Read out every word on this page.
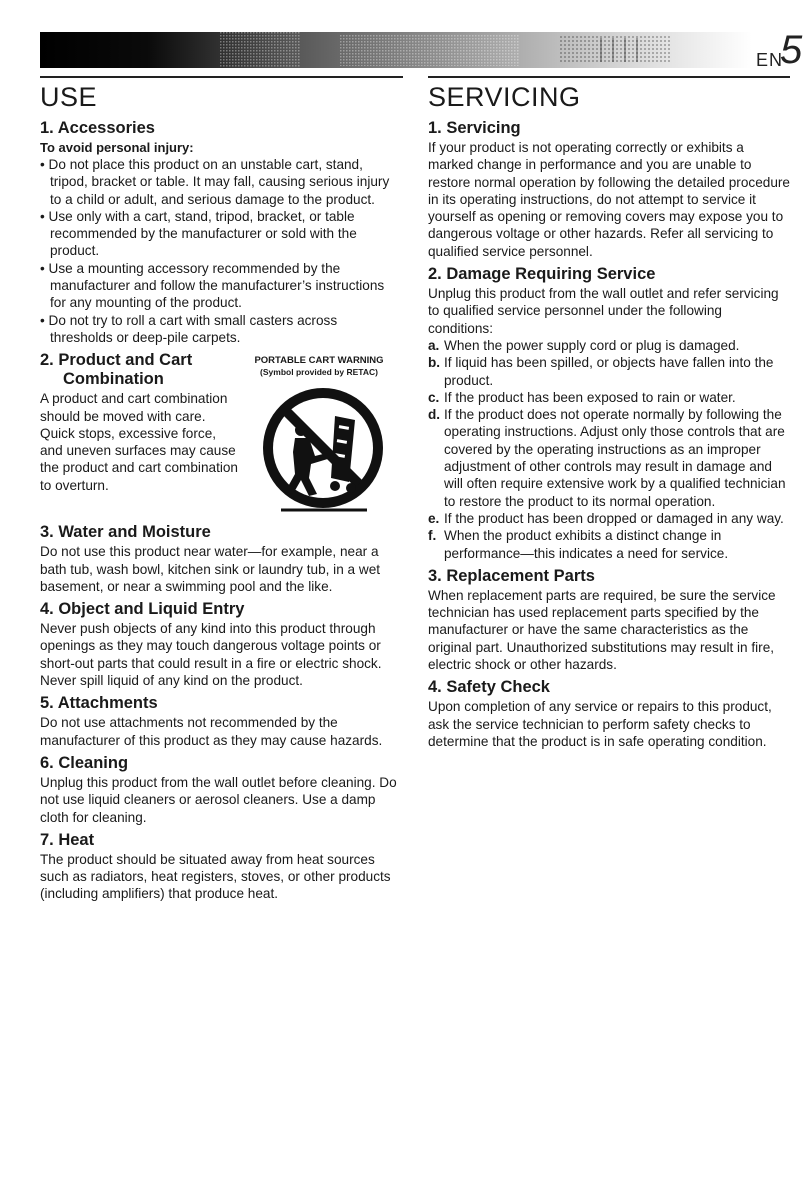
EN
5
USE
1. Accessories
To avoid personal injury:
• Do not place this product on an unstable cart, stand, tripod, bracket or table. It may fall, causing serious injury to a child or adult, and serious damage to the product.
• Use only with a cart, stand, tripod, bracket, or table recommended by the manufacturer or sold with the product.
• Use a mounting accessory recommended by the manufacturer and follow the manufacturer’s instructions for any mounting of the product.
• Do not try to roll a cart with small casters across thresholds or deep-pile carpets.
2. Product and Cart
Combination
PORTABLE CART WARNING
(Symbol provided by RETAC)

A product and cart combination should be moved with care. Quick stops, excessive force, and uneven surfaces may cause the product and cart combination to overturn.

3. Water and Moisture

Do not use this product near water—for example, near a bath tub, wash bowl, kitchen sink or laundry tub, in a wet basement, or near a swimming pool and the like.

4. Object and Liquid Entry

Never push objects of any kind into this product through openings as they may touch dangerous voltage points or short-out parts that could result in a fire or electric shock. Never spill liquid of any kind on the product.

5. Attachments

Do not use attachments not recommended by the manufacturer of this product as they may cause hazards.

6. Cleaning

Unplug this product from the wall outlet before cleaning. Do not use liquid cleaners or aerosol cleaners. Use a damp cloth for cleaning.

7. Heat

The product should be situated away from heat sources such as radiators, heat registers, stoves, or other products (including amplifiers) that produce heat.

SERVICING
1. Servicing

If your product is not operating correctly or exhibits a marked change in performance and you are unable to restore normal operation by following the detailed procedure in its operating instructions, do not attempt to service it yourself as opening or removing covers may expose you to dangerous voltage or other hazards. Refer all servicing to qualified service personnel.

2. Damage Requiring Service

Unplug this product from the wall outlet and refer servicing to qualified service personnel under the following conditions:

a. When the power supply cord or plug is damaged.
b. If liquid has been spilled, or objects have fallen into the product.
c. If the product has been exposed to rain or water.
d. If the product does not operate normally by following the operating instructions. Adjust only those controls that are covered by the operating instructions as an improper adjustment of other controls may result in damage and will often require extensive work by a qualified technician to restore the product to its normal operation.
e. If the product has been dropped or damaged in any way.
f. When the product exhibits a distinct change in performance—this indicates a need for service.
3. Replacement Parts

When replacement parts are required, be sure the service technician has used replacement parts specified by the manufacturer or have the same characteristics as the original part. Unauthorized substitutions may result in fire, electric shock or other hazards.

4. Safety Check

Upon completion of any service or repairs to this product, ask the service technician to perform safety checks to determine that the product is in safe operating condition.
